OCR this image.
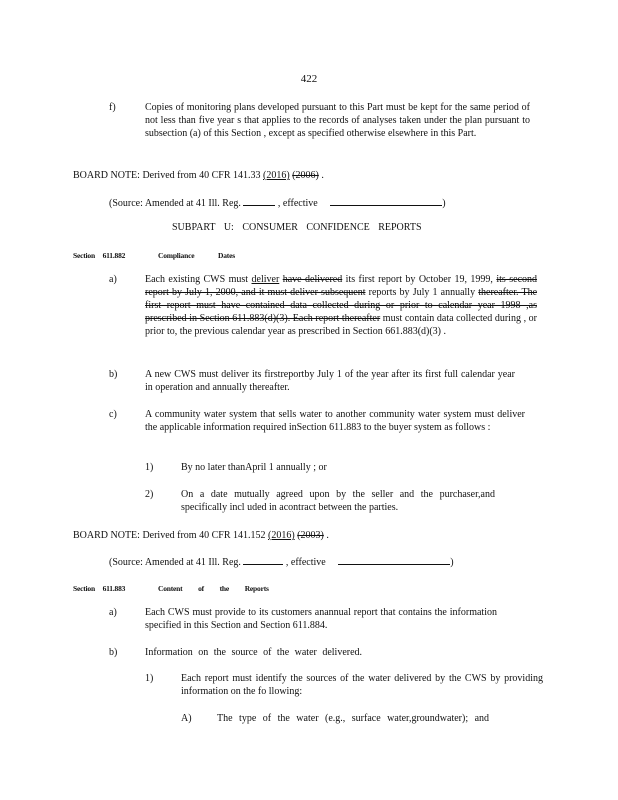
422
f)	Copies of monitoring plans developed pursuant to this Part must be kept for the same period of not less than five year s that applies to the records of analyses taken under the plan pursuant to subsection (a) of this Section , except as specified otherwise elsewhere in this Part.
BOARD NOTE: Derived from 40 CFR 141.33 (2016) (2006) .
(Source: Amended at 41 Ill. Reg.	, effective	)
SUBPART U: CONSUMER CONFIDENCE REPORTS
Section 611.882	Compliance Dates
a)	Each existing CWS must deliver have delivered its first report by October 19, 1999, its second report by July 1, 2000, and it must deliver subsequent reports by July 1 annually thereafter. The first report must have contained data collected during or prior to calendar year 1998 ,as prescribed in Section 611.883(d)(3). Each report thereafter must contain data collected during , or prior to, the previous calendar year as prescribed in Section 661.883(d)(3) .
b)	A new CWS must deliver its firstreportby July 1 of the year after its first full calendar year in operation and annually thereafter.
c)	A community water system that sells water to another community water system must deliver the applicable information required inSection 611.883 to the buyer system as follows :
1)	By no later thanApril 1 annually ; or
2)	On a date mutually agreed upon by the seller and the purchaser,and specifically incl uded in acontract between the parties.
BOARD NOTE: Derived from 40 CFR 141.152 (2016) (2003) .
(Source: Amended at 41 Ill. Reg.	, effective	)
Section 611.883	Content of the Reports
a)	Each CWS must provide to its customers anannual report that contains the information specified in this Section and Section 611.884.
b)	Information on the source of the water delivered.
1)	Each report must identify the sources of the water delivered by the CWS by providing information on the fo llowing:
A)	The type of the water (e.g., surface water,groundwater); and
